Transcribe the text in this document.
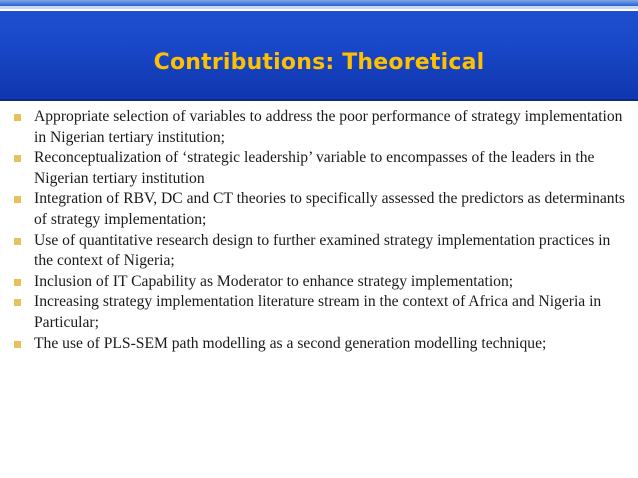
Contributions: Theoretical
Appropriate selection of variables to address the poor performance of strategy implementation in Nigerian tertiary institution;
Reconceptualization of ‘strategic leadership’ variable to encompasses of the leaders in the Nigerian tertiary institution
Integration of RBV, DC and CT theories to specifically assessed the predictors as determinants of strategy implementation;
Use of quantitative research design to further examined strategy implementation practices in the context of Nigeria;
Inclusion of IT Capability as Moderator to enhance strategy implementation;
Increasing strategy implementation literature stream in the context of Africa and Nigeria in Particular;
The use of PLS-SEM path modelling as a second generation modelling technique;
